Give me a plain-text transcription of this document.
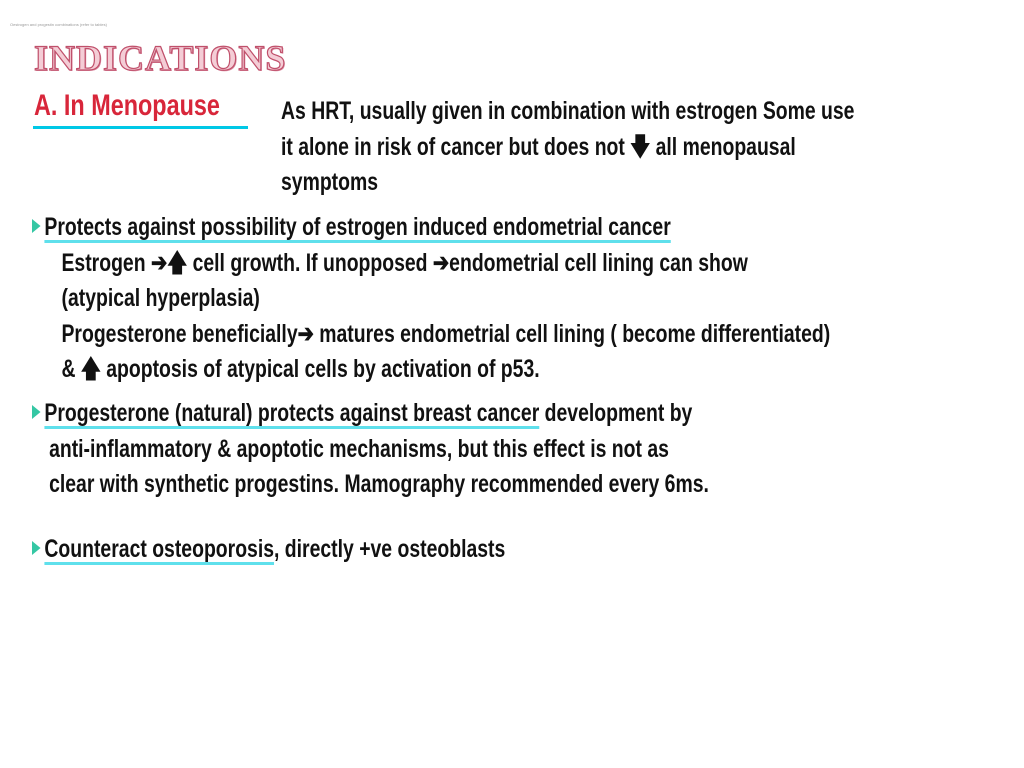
Oestrogen and progestin combinations (refer to tables)
INDICATIONS
A. In Menopause As HRT, usually given in combination with estrogen Some use
it alone in risk of cancer but does not 🡇 all menopausal
symptoms
Protects against possibility of estrogen induced endometrial cancer
Estrogen ➔🡅 cell growth. If unopposed ➔endometrial cell lining can show
(atypical hyperplasia)
Progesterone beneficially➔ matures endometrial cell lining ( become differentiated)
& 🡅 apoptosis of atypical cells by activation of p53.
Progesterone (natural) protects against breast cancer development by
anti-inflammatory & apoptotic mechanisms, but this effect is not as
clear with synthetic progestins. Mamography recommended every 6ms.
Counteract osteoporosis, directly +ve osteoblasts
